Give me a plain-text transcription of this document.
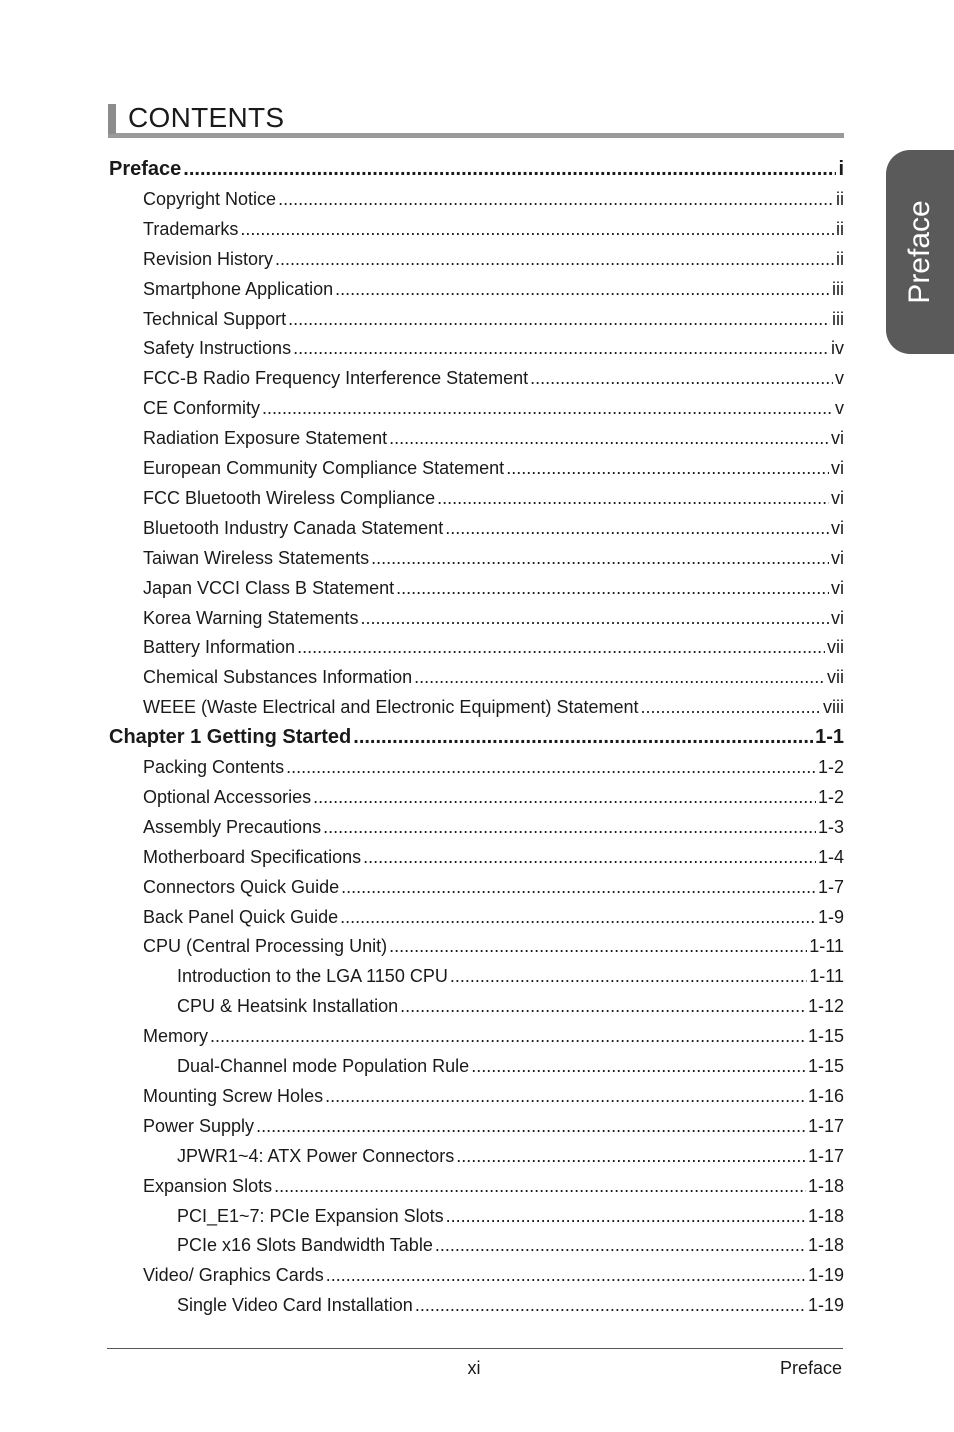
CONTENTS
Preface
Preface .....	i
Copyright Notice .....	ii
Trademarks .....	ii
Revision History .....	ii
Smartphone Application .....	iii
Technical Support .....	iii
Safety Instructions .....	iv
FCC-B Radio Frequency Interference Statement .....	v
CE Conformity .....	v
Radiation Exposure Statement .....	vi
European Community Compliance Statement .....	vi
FCC Bluetooth Wireless Compliance .....	vi
Bluetooth Industry Canada Statement .....	vi
Taiwan Wireless Statements .....	vi
Japan VCCI Class B Statement .....	vi
Korea Warning Statements .....	vi
Battery Information .....	vii
Chemical Substances Information .....	vii
WEEE (Waste Electrical and Electronic Equipment) Statement .....	viii
Chapter 1 Getting Started .....	1-1
Packing Contents .....	1-2
Optional Accessories .....	1-2
Assembly Precautions .....	1-3
Motherboard Specifications .....	1-4
Connectors Quick Guide .....	1-7
Back Panel Quick Guide .....	1-9
CPU (Central Processing Unit) .....	1-11
Introduction to the LGA 1150 CPU .....	1-11
CPU & Heatsink Installation .....	1-12
Memory .....	1-15
Dual-Channel mode Population Rule .....	1-15
Mounting Screw Holes .....	1-16
Power Supply .....	1-17
JPWR1~4: ATX Power Connectors .....	1-17
Expansion Slots .....	1-18
PCI_E1~7: PCIe Expansion Slots .....	1-18
PCIe x16 Slots Bandwidth Table .....	1-18
Video/ Graphics Cards .....	1-19
Single Video Card Installation .....	1-19
xi	Preface
